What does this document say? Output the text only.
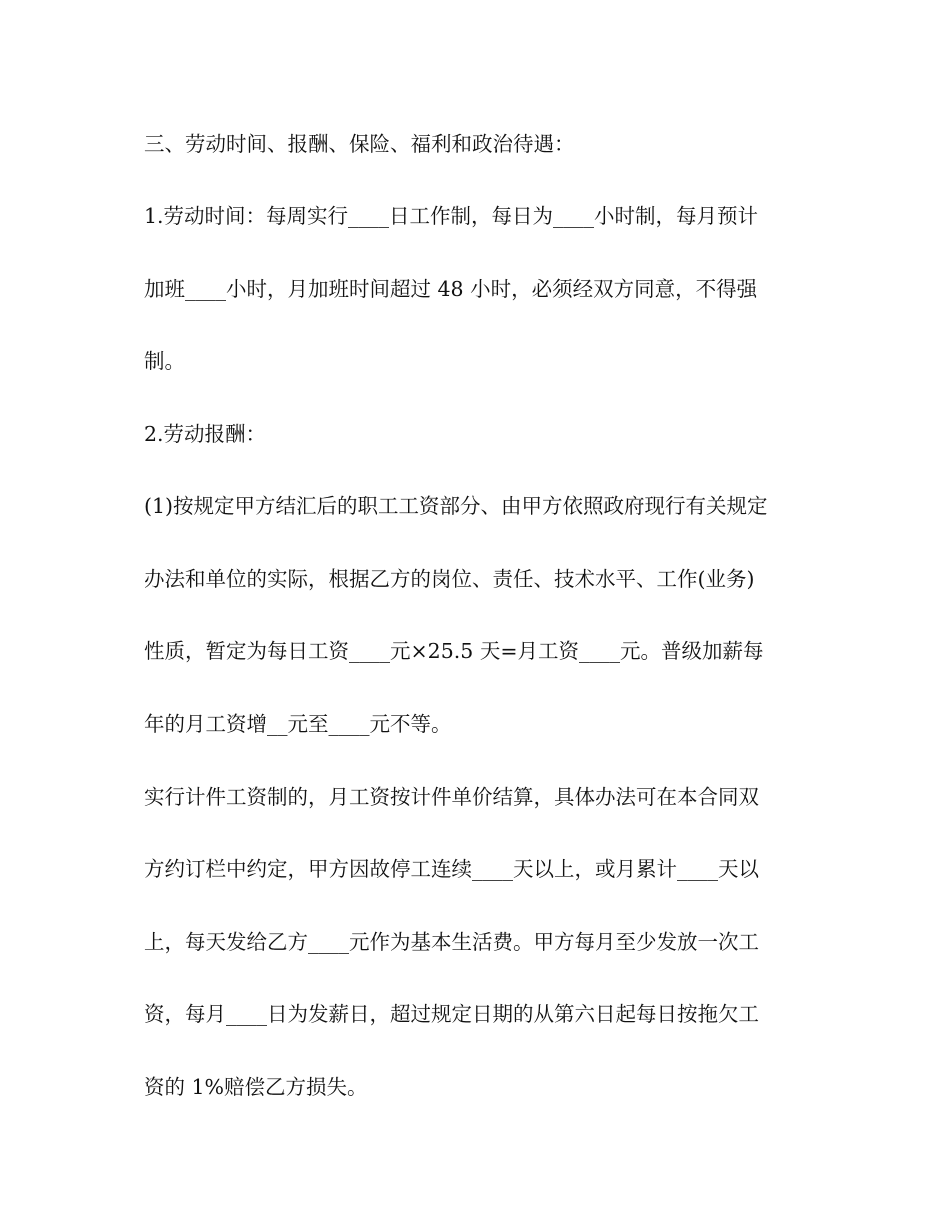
三、劳动时间、报酬、保险、福利和政治待遇：

1.劳动时间：每周实行____日工作制，每日为____小时制，每月预计

加班____小时，月加班时间超过 48 小时，必须经双方同意，不得强

制。

2.劳动报酬：

(1)按规定甲方结汇后的职工工资部分、由甲方依照政府现行有关规定

办法和单位的实际，根据乙方的岗位、责任、技术水平、工作(业务)

性质，暂定为每日工资____元×25.5 天=月工资____元。普级加薪每

年的月工资增__元至____元不等。

实行计件工资制的，月工资按计件单价结算，具体办法可在本合同双

方约订栏中约定，甲方因故停工连续____天以上，或月累计____天以

上，每天发给乙方____元作为基本生活费。甲方每月至少发放一次工

资，每月____日为发薪日，超过规定日期的从第六日起每日按拖欠工

资的 1%赔偿乙方损失。
